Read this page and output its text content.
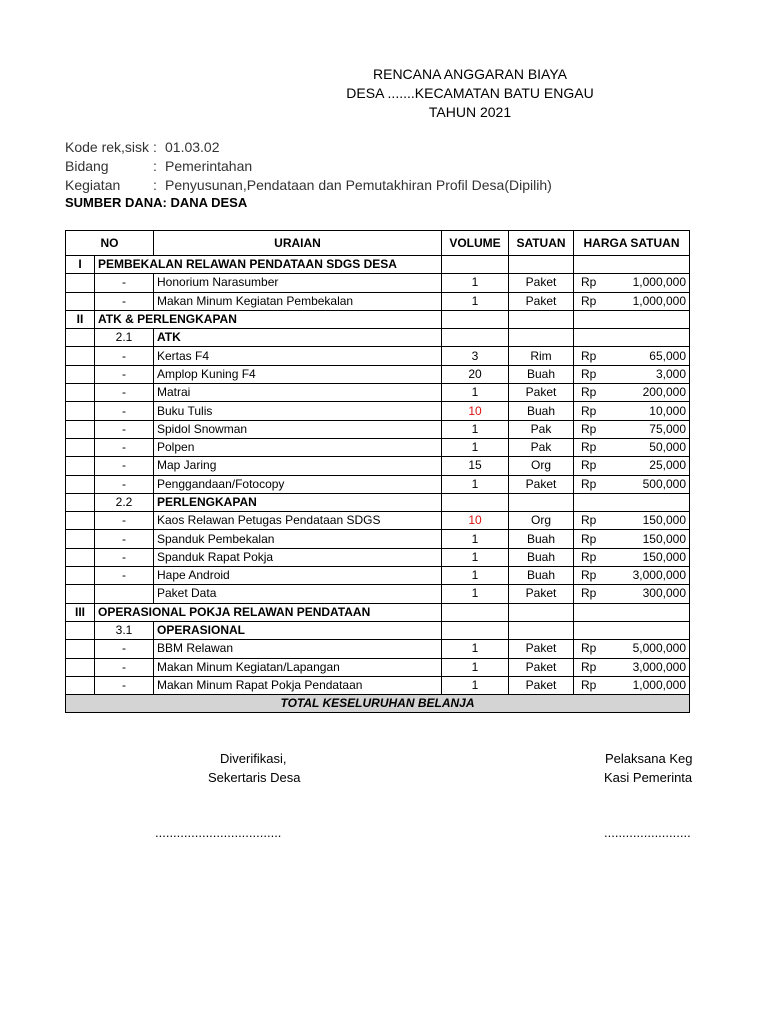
RENCANA ANGGARAN BIAYA
DESA .......KECAMATAN BATU ENGAU
TAHUN 2021
Kode rek,sisk : 01.03.02
Bidang	: Pemerintahan
Kegiatan : Penyusunan,Pendataan dan Pemutakhiran Profil Desa(Dipilih)
SUMBER DANA: DANA DESA
NO		URAIAN	VOLUME	SATUAN	HARGA SATUAN
I	PEMBEKALAN RELAWAN PENDATAAN SDGS DESA				
	-	Honorium Narasumber	1	Paket	Rp 1,000,000

	-	Makan Minum Kegiatan Pembekalan	1	Paket	Rp 1,000,000

II	ATK & PERLENGKAPAN				
	2.1	ATK			
	-	Kertas F4	3	Rim	Rp 65,000

	-	Amplop Kuning F4	20	Buah	Rp 3,000

	-	Matrai	1	Paket	Rp 200,000

	-	Buku Tulis	10	Buah	Rp 10,000

	-	Spidol Snowman	1	Pak	Rp 75,000

	-	Polpen	1	Pak	Rp 50,000

	-	Map Jaring	15	Org	Rp 25,000

	-	Penggandaan/Fotocopy	1	Paket	Rp 500,000

	2.2	PERLENGKAPAN			
	-	Kaos Relawan Petugas Pendataan SDGS	10	Org	Rp 150,000

	-	Spanduk Pembekalan	1	Buah	Rp 150,000

	-	Spanduk Rapat Pokja	1	Buah	Rp 150,000

	-	Hape Android	1	Buah	Rp 3,000,000

		Paket Data	1	Paket	Rp 300,000

III	OPERASIONAL POKJA RELAWAN PENDATAAN				
	3.1	OPERASIONAL			
	-	BBM Relawan	1	Paket	Rp 5,000,000

	-	Makan Minum Kegiatan/Lapangan	1	Paket	Rp 3,000,000

	-	Makan Minum Rapat Pokja Pendataan	1	Paket	Rp 1,000,000

TOTAL KESELURUHAN BELANJA					
Diverifikasi,
Sekertaris Desa
...................................
Pelaksana Keg
Kasi Pemerinta
........................
